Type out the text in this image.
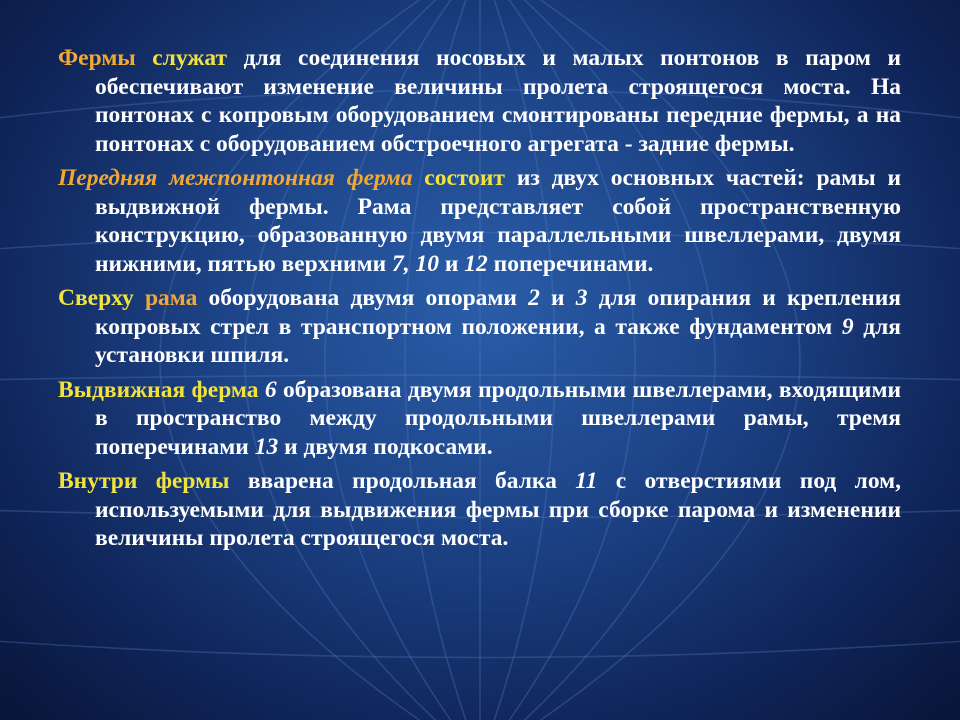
Фермы служат для соединения носовых и малых понтонов в паром и обеспечивают изменение величины пролета строящегося моста. На понтонах с копровым оборудованием смонтированы передние фермы, а на понтонах с оборудованием обстроечного агрегата - задние фермы.

Передняя межпонтонная ферма состоит из двух основных частей: рамы и выдвижной фермы. Рама представляет собой пространственную конструкцию, образованную двумя параллельными швеллерами, двумя нижними, пятью верхними 7, 10 и 12 поперечинами.

Сверху рама оборудована двумя опорами 2 и 3 для опирания и крепления копровых стрел в транспортном положении, а также фундаментом 9 для установки шпиля.

Выдвижная ферма 6 образована двумя продольными швеллерами, входящими в пространство между продольными швеллерами рамы, тремя поперечинами 13 и двумя подкосами.

Внутри фермы вварена продольная балка 11 с отверстиями под лом, используемыми для выдвижения фермы при сборке парома и изменении величины пролета строящегося моста.
